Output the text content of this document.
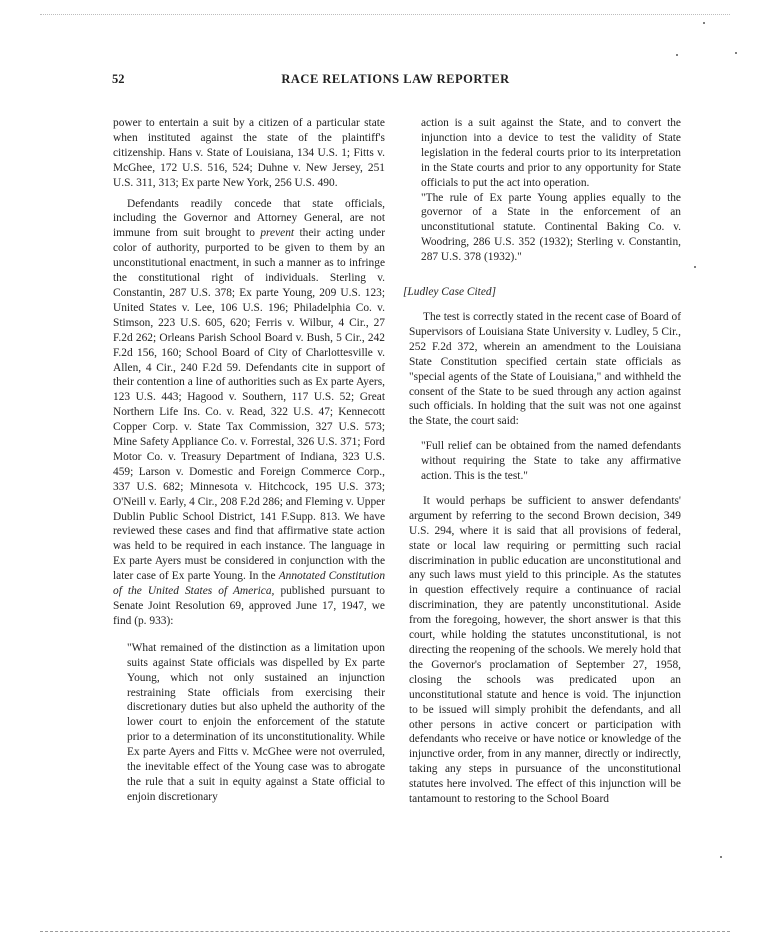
52	RACE RELATIONS LAW REPORTER

power to entertain a suit by a citizen of a particular state when instituted against the state of the plaintiff's citizenship. Hans v. State of Louisiana, 134 U.S. 1; Fitts v. McGhee, 172 U.S. 516, 524; Duhne v. New Jersey, 251 U.S. 311, 313; Ex parte New York, 256 U.S. 490.

Defendants readily concede that state officials, including the Governor and Attorney General, are not immune from suit brought to prevent their acting under color of authority, purported to be given to them by an unconstitutional enactment, in such a manner as to infringe the constitutional right of individuals. Sterling v. Constantin, 287 U.S. 378; Ex parte Young, 209 U.S. 123; United States v. Lee, 106 U.S. 196; Philadelphia Co. v. Stimson, 223 U.S. 605, 620; Ferris v. Wilbur, 4 Cir., 27 F.2d 262; Orleans Parish School Board v. Bush, 5 Cir., 242 F.2d 156, 160; School Board of City of Charlottesville v. Allen, 4 Cir., 240 F.2d 59. Defendants cite in support of their contention a line of authorities such as Ex parte Ayers, 123 U.S. 443; Hagood v. Southern, 117 U.S. 52; Great Northern Life Ins. Co. v. Read, 322 U.S. 47; Kennecott Copper Corp. v. State Tax Commission, 327 U.S. 573; Mine Safety Appliance Co. v. Forrestal, 326 U.S. 371; Ford Motor Co. v. Treasury Department of Indiana, 323 U.S. 459; Larson v. Domestic and Foreign Commerce Corp., 337 U.S. 682; Minnesota v. Hitchcock, 195 U.S. 373; O'Neill v. Early, 4 Cir., 208 F.2d 286; and Fleming v. Upper Dublin Public School District, 141 F.Supp. 813. We have reviewed these cases and find that affirmative state action was held to be required in each instance. The language in Ex parte Ayers must be considered in conjunction with the later case of Ex parte Young. In the Annotated Constitution of the United States of America, published pursuant to Senate Joint Resolution 69, approved June 17, 1947, we find (p. 933):

"What remained of the distinction as a limitation upon suits against State officials was dispelled by Ex parte Young, which not only sustained an injunction restraining State officials from exercising their discretionary duties but also upheld the authority of the lower court to enjoin the enforcement of the statute prior to a determination of its unconstitutionality. While Ex parte Ayers and Fitts v. McGhee were not overruled, the inevitable effect of the Young case was to abrogate the rule that a suit in equity against a State official to enjoin discretionary

action is a suit against the State, and to convert the injunction into a device to test the validity of State legislation in the federal courts prior to its interpretation in the State courts and prior to any opportunity for State officials to put the act into operation.

"The rule of Ex parte Young applies equally to the governor of a State in the enforcement of an unconstitutional statute. Continental Baking Co. v. Woodring, 286 U.S. 352 (1932); Sterling v. Constantin, 287 U.S. 378 (1932)."

[Ludley Case Cited]

The test is correctly stated in the recent case of Board of Supervisors of Louisiana State University v. Ludley, 5 Cir., 252 F.2d 372, wherein an amendment to the Louisiana State Constitution specified certain state officials as "special agents of the State of Louisiana," and withheld the consent of the State to be sued through any action against such officials. In holding that the suit was not one against the State, the court said:

"Full relief can be obtained from the named defendants without requiring the State to take any affirmative action. This is the test."

It would perhaps be sufficient to answer defendants' argument by referring to the second Brown decision, 349 U.S. 294, where it is said that all provisions of federal, state or local law requiring or permitting such racial discrimination in public education are unconstitutional and any such laws must yield to this principle. As the statutes in question effectively require a continuance of racial discrimination, they are patently unconstitutional. Aside from the foregoing, however, the short answer is that this court, while holding the statutes unconstitutional, is not directing the reopening of the schools. We merely hold that the Governor's proclamation of September 27, 1958, closing the schools was predicated upon an unconstitutional statute and hence is void. The injunction to be issued will simply prohibit the defendants, and all other persons in active concert or participation with defendants who receive or have notice or knowledge of the injunctive order, from in any manner, directly or indirectly, taking any steps in pursuance of the unconstitutional statutes here involved. The effect of this injunction will be tantamount to restoring to the School Board
